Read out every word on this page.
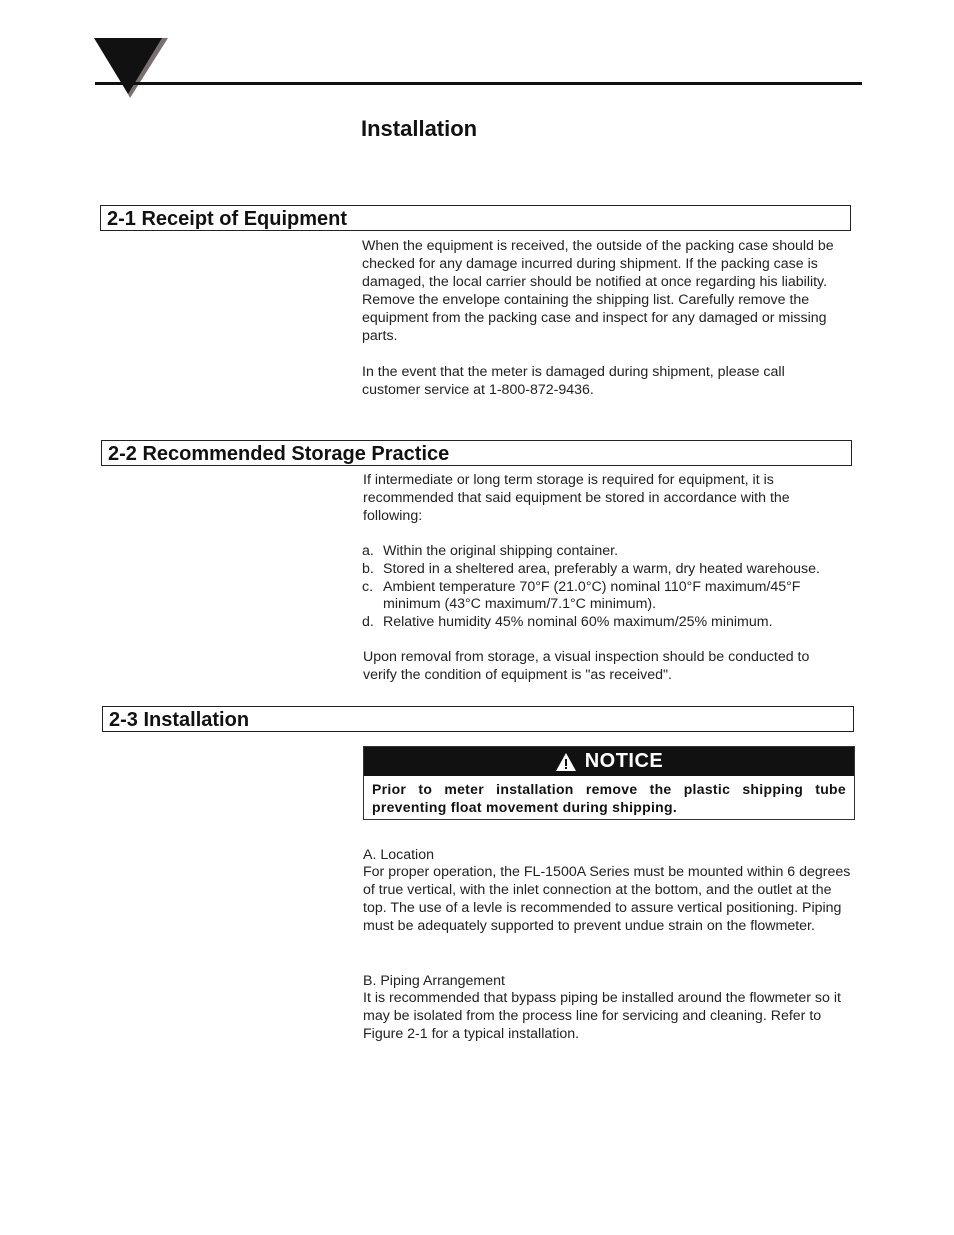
Installation
2-1 Receipt of Equipment

When the equipment is received, the outside of the packing case should be checked for any damage incurred during shipment. If the packing case is damaged, the local carrier should be notified at once regarding his liability. Remove the envelope containing the shipping list. Carefully remove the equipment from the packing case and inspect for any damaged or missing parts.

In the event that the meter is damaged during shipment, please call customer service at 1-800-872-9436.

2-2 Recommended Storage Practice

If intermediate or long term storage is required for equipment, it is recommended that said equipment be stored in accordance with the following:

a. Within the original shipping container.
b. Stored in a sheltered area, preferably a warm, dry heated warehouse.
c. Ambient temperature 70°F (21.0°C) nominal 110°F maximum/45°F minimum (43°C maximum/7.1°C minimum).
d. Relative humidity 45% nominal 60% maximum/25% minimum.

Upon removal from storage, a visual inspection should be conducted to verify the condition of equipment is "as received".

2-3 Installation
NOTICE
Prior to meter installation remove the plastic shipping tube preventing float movement during shipping.

A. Location

For proper operation, the FL-1500A Series must be mounted within 6 degrees of true vertical, with the inlet connection at the bottom, and the outlet at the top. The use of a levle is recommended to assure vertical positioning. Piping must be adequately supported to prevent undue strain on the flowmeter.

B. Piping Arrangement

It is recommended that bypass piping be installed around the flowmeter so it may be isolated from the process line for servicing and cleaning. Refer to Figure 2-1 for a typical installation.
